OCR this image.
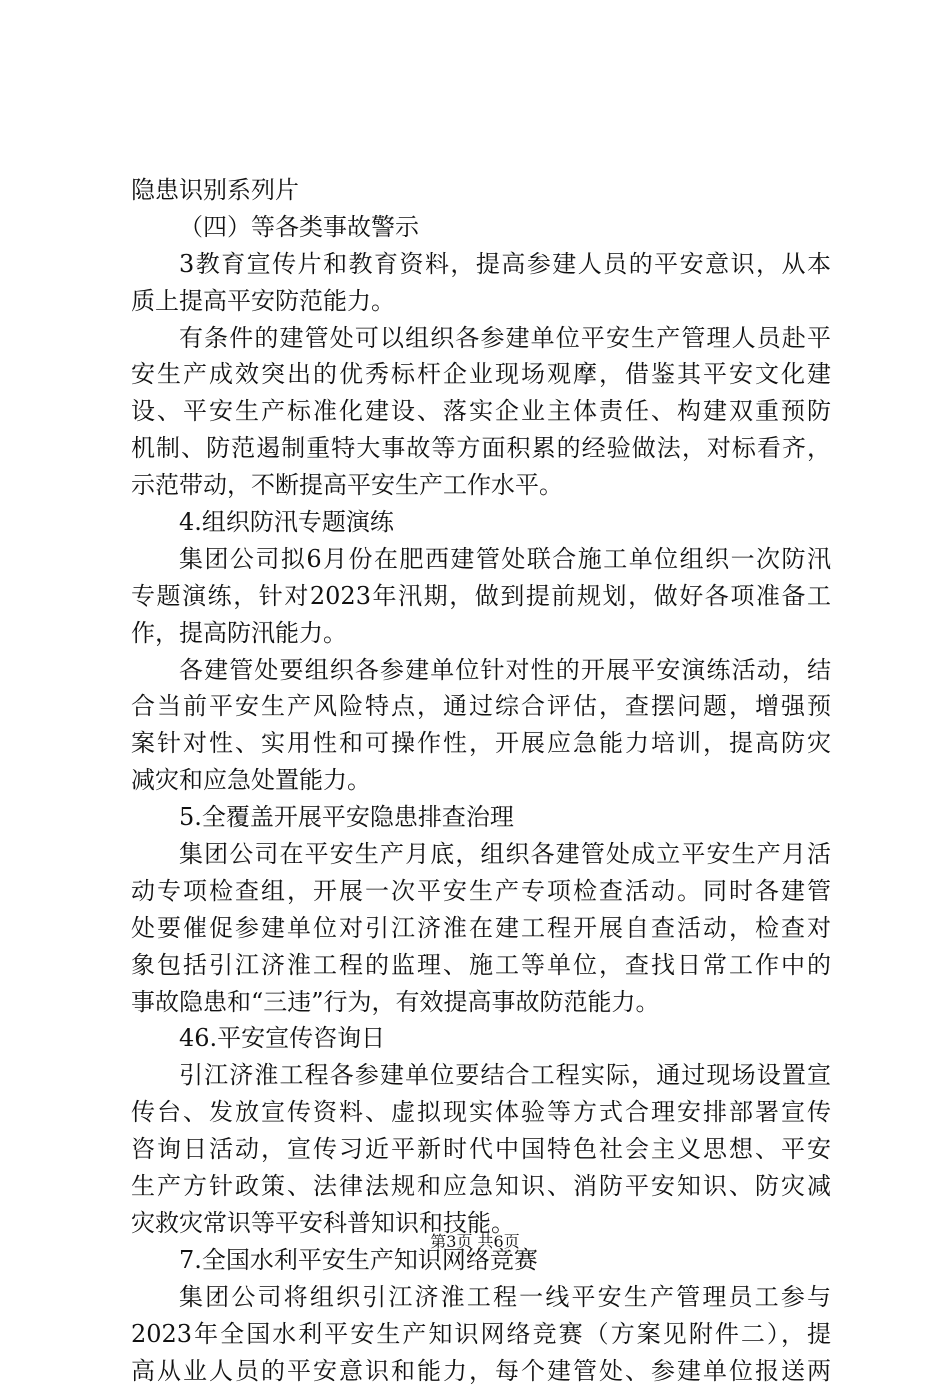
隐患识别系列片
（四）等各类事故警示
3教育宣传片和教育资料，提高参建人员的平安意识，从本
质上提高平安防范能力。
有条件的建管处可以组织各参建单位平安生产管理人员赴平
安生产成效突出的优秀标杆企业现场观摩，借鉴其平安文化建
设、平安生产标准化建设、落实企业主体责任、构建双重预防
机制、防范遏制重特大事故等方面积累的经验做法，对标看齐，
示范带动，不断提高平安生产工作水平。
4.组织防汛专题演练
集团公司拟6月份在肥西建管处联合施工单位组织一次防汛
专题演练，针对2023年汛期，做到提前规划，做好各项准备工
作，提高防汛能力。
各建管处要组织各参建单位针对性的开展平安演练活动，结
合当前平安生产风险特点，通过综合评估，查摆问题，增强预
案针对性、实用性和可操作性，开展应急能力培训，提高防灾
减灾和应急处置能力。
5.全覆盖开展平安隐患排查治理
集团公司在平安生产月底，组织各建管处成立平安生产月活
动专项检查组，开展一次平安生产专项检查活动。同时各建管
处要催促参建单位对引江济淮在建工程开展自查活动，检查对
象包括引江济淮工程的监理、施工等单位，查找日常工作中的
事故隐患和“三违”行为，有效提高事故防范能力。
46.平安宣传咨询日
引江济淮工程各参建单位要结合工程实际，通过现场设置宣
传台、发放宣传资料、虚拟现实体验等方式合理安排部署宣传
咨询日活动，宣传习近平新时代中国特色社会主义思想、平安
生产方针政策、法律法规和应急知识、消防平安知识、防灾减
灾救灾常识等平安科普知识和技能。
7.全国水利平安生产知识网络竞赛
集团公司将组织引江济淮工程一线平安生产管理员工参与
2023年全国水利平安生产知识网络竞赛（方案见附件二），提
高从业人员的平安意识和能力，每个建管处、参建单位报送两
第3页 共6页
